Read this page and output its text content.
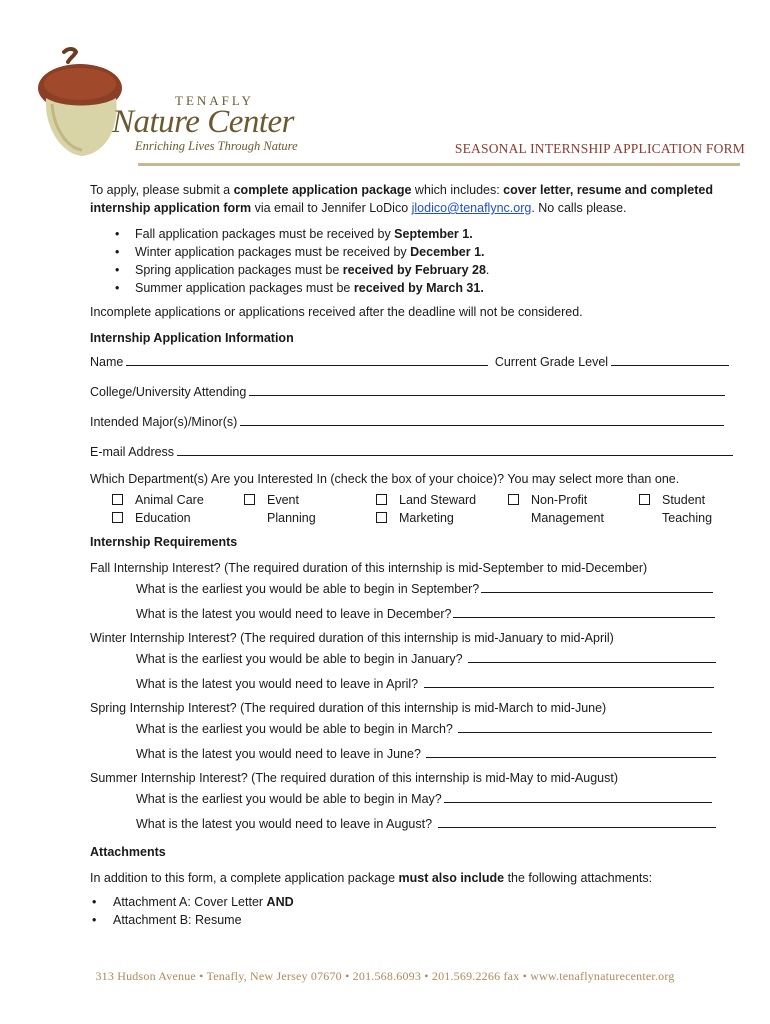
TENAFLY
Nature Center
Enriching Lives Through Nature	SEASONAL INTERNSHIP APPLICATION FORM

To apply, please submit a complete application package which includes: cover letter, resume and completed internship application form via email to Jennifer LoDico jlodico@tenaflync.org. No calls please.

• Fall application packages must be received by September 1.
• Winter application packages must be received by December 1.
• Spring application packages must be received by February 28.
• Summer application packages must be received by March 31.
Incomplete applications or applications received after the deadline will not be considered.
Internship Application Information
Name	Current Grade Level
College/University Attending
Intended Major(s)/Minor(s)
E-mail Address
Which Department(s) Are you Interested In (check the box of your choice)? You may select more than one.
Animal Care
Education
Event
Planning
Land Steward
Marketing
Non-Profit
Management
Student
Teaching
Internship Requirements
Fall Internship Interest? (The required duration of this internship is mid-September to mid-December)
What is the earliest you would be able to begin in September?
What is the latest you would need to leave in December?
Winter Internship Interest? (The required duration of this internship is mid-January to mid-April)
What is the earliest you would be able to begin in January?
What is the latest you would need to leave in April?
Spring Internship Interest? (The required duration of this internship is mid-March to mid-June)
What is the earliest you would be able to begin in March?
What is the latest you would need to leave in June?
Summer Internship Interest? (The required duration of this internship is mid-May to mid-August)
What is the earliest you would be able to begin in May?
What is the latest you would need to leave in August?
Attachments
In addition to this form, a complete application package must also include the following attachments:
• Attachment A: Cover Letter AND
• Attachment B: Resume
313 Hudson Avenue • Tenafly, New Jersey 07670 • 201.568.6093 • 201.569.2266 fax • www.tenaflynaturecenter.org
